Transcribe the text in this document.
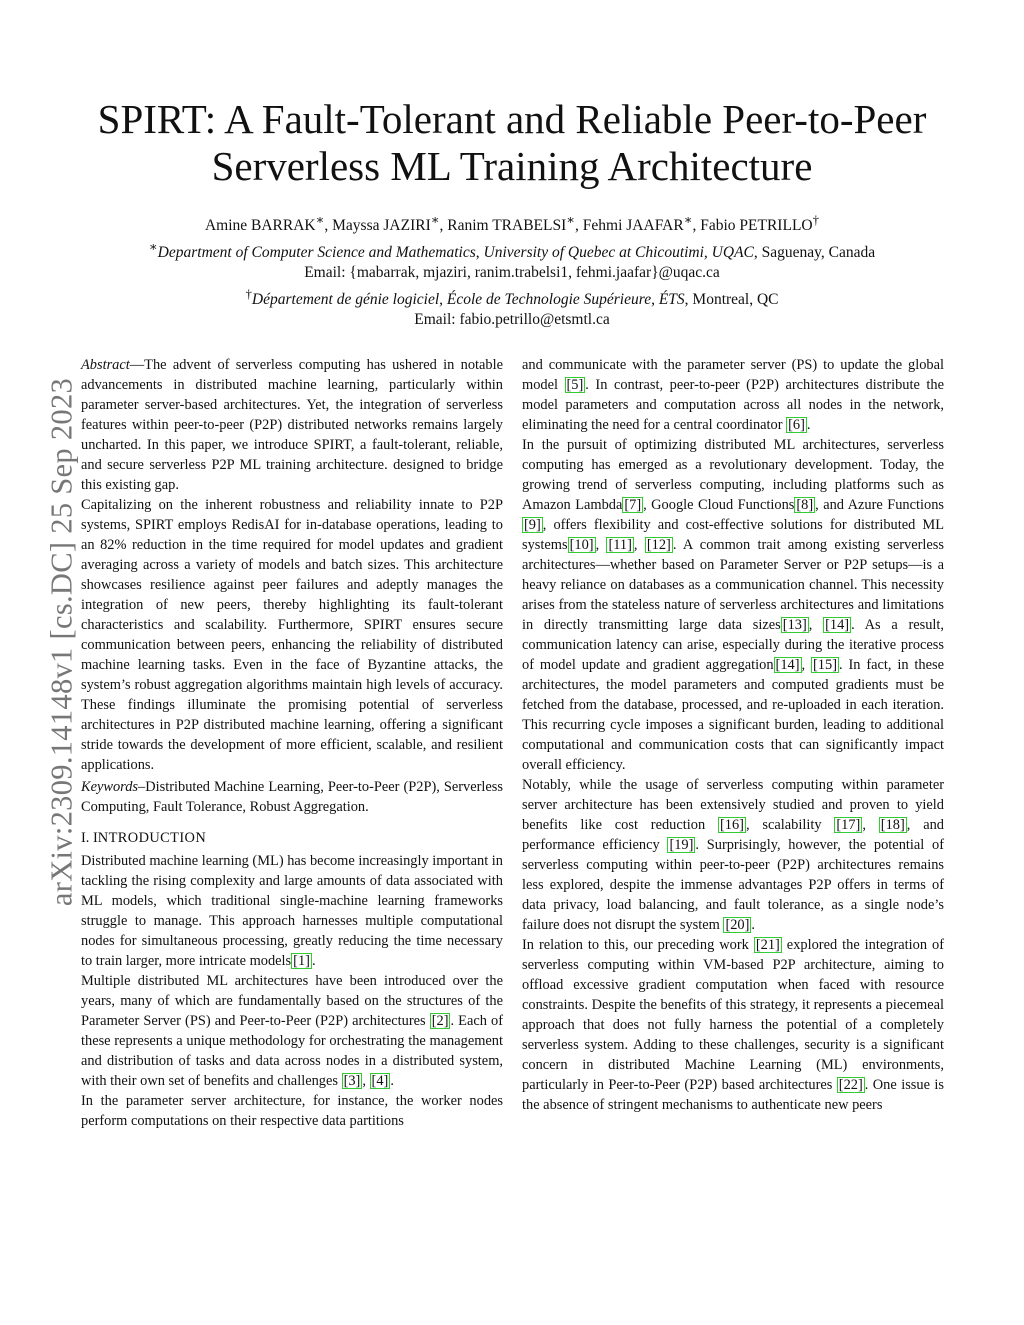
SPIRT: A Fault-Tolerant and Reliable Peer-to-Peer
Serverless ML Training Architecture
Amine BARRAK∗, Mayssa JAZIRI∗, Ranim TRABELSI∗, Fehmi JAAFAR∗, Fabio PETRILLO†
∗Department of Computer Science and Mathematics, University of Quebec at Chicoutimi, UQAC, Saguenay, Canada
Email: {mabarrak, mjaziri, ranim.trabelsi1, fehmi.jaafar}@uqac.ca
†Département de génie logiciel, École de Technologie Supérieure, ÉTS, Montreal, QC
Email: fabio.petrillo@etsmtl.ca
arXiv:2309.14148v1 [cs.DC] 25 Sep 2023

Abstract—The advent of serverless computing has ushered in notable advancements in distributed machine learning, particularly within parameter server-based architectures. Yet, the integration of serverless features within peer-to-peer (P2P) distributed networks remains largely uncharted. In this paper, we introduce SPIRT, a fault-tolerant, reliable, and secure serverless P2P ML training architecture. designed to bridge this existing gap.

Capitalizing on the inherent robustness and reliability innate to P2P systems, SPIRT employs RedisAI for in-database operations, leading to an 82% reduction in the time required for model updates and gradient averaging across a variety of models and batch sizes. This architecture showcases resilience against peer failures and adeptly manages the integration of new peers, thereby highlighting its fault-tolerant characteristics and scalability. Furthermore, SPIRT ensures secure communication between peers, enhancing the reliability of distributed machine learning tasks. Even in the face of Byzantine attacks, the system’s robust aggregation algorithms maintain high levels of accuracy. These findings illuminate the promising potential of serverless architectures in P2P distributed machine learning, offering a significant stride towards the development of more efficient, scalable, and resilient applications.

Keywords–Distributed Machine Learning, Peer-to-Peer (P2P), Serverless Computing, Fault Tolerance, Robust Aggregation.

I. INTRODUCTION

Distributed machine learning (ML) has become increasingly important in tackling the rising complexity and large amounts of data associated with ML models, which traditional single-machine learning frameworks struggle to manage. This approach harnesses multiple computational nodes for simultaneous processing, greatly reducing the time necessary to train larger, more intricate models [1] .

Multiple distributed ML architectures have been introduced over the years, many of which are fundamentally based on the structures of the Parameter Server (PS) and Peer-to-Peer (P2P) architectures [2] . Each of these represents a unique methodology for orchestrating the management and distribution of tasks and data across nodes in a distributed system, with their own set of benefits and challenges [3] , [4] .

In the parameter server architecture, for instance, the worker nodes perform computations on their respective data partitions

and communicate with the parameter server (PS) to update the global model [5] . In contrast, peer-to-peer (P2P) architectures distribute the model parameters and computation across all nodes in the network, eliminating the need for a central coordinator [6] .

In the pursuit of optimizing distributed ML architectures, serverless computing has emerged as a revolutionary development. Today, the growing trend of serverless computing, including platforms such as Amazon Lambda [7] , Google Cloud Functions [8] , and Azure Functions[9] , offers flexibility and cost-effective solutions for distributed ML systems [10] , [11] , [12] . A common trait among existing serverless architectures—whether based on Parameter Server or P2P setups—is a heavy reliance on databases as a communication channel. This necessity arises from the stateless nature of serverless architectures and limitations in directly transmitting large data sizes [13] , [14] . As a result, communication latency can arise, especially during the iterative process of model update and gradient aggregation [14] , [15] . In fact, in these architectures, the model parameters and computed gradients must be fetched from the database, processed, and re-uploaded in each iteration. This recurring cycle imposes a significant burden, leading to additional computational and communication costs that can significantly impact overall efficiency.

Notably, while the usage of serverless computing within parameter server architecture has been extensively studied and proven to yield benefits like cost reduction [16] , scalability [17] , [18] , and performance efficiency [19] . Surprisingly, however, the potential of serverless computing within peer-to-peer (P2P) architectures remains less explored, despite the immense advantages P2P offers in terms of data privacy, load balancing, and fault tolerance, as a single node’s failure does not disrupt the system [20] .

In relation to this, our preceding work [21] explored the integration of serverless computing within VM-based P2P architecture, aiming to offload excessive gradient computation when faced with resource constraints. Despite the benefits of this strategy, it represents a piecemeal approach that does not fully harness the potential of a completely serverless system. Adding to these challenges, security is a significant concern in distributed Machine Learning (ML) environments, particularly in Peer-to-Peer (P2P) based architectures [22] . One issue is the absence of stringent mechanisms to authenticate new peers
